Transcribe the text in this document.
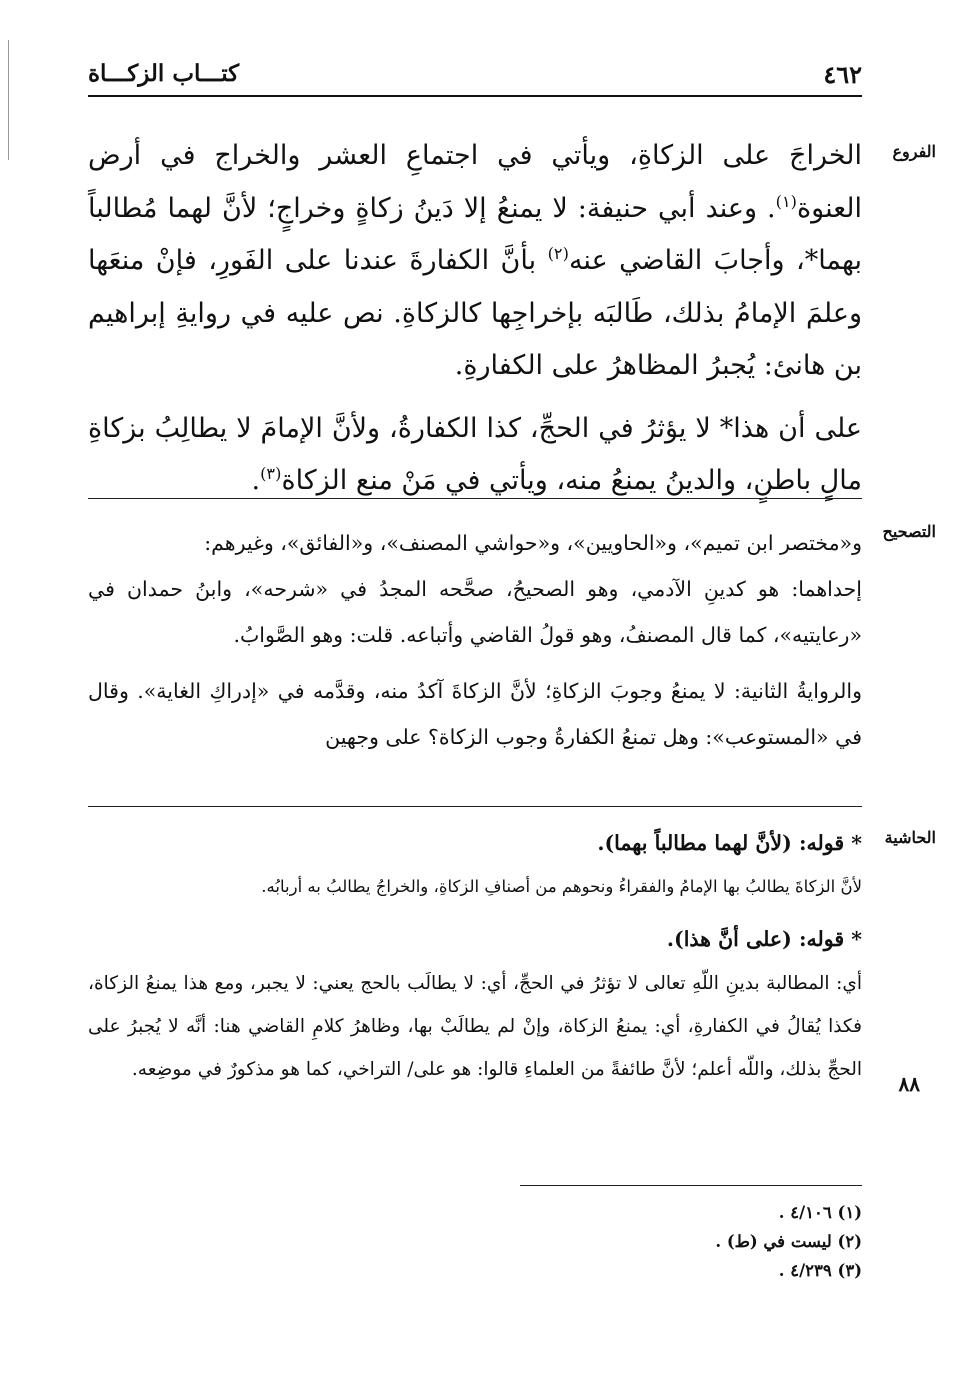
٤٦٢
كتـــاب الزكـــاة
الفروع

الخراجَ على الزكاةِ، ويأتي في اجتماعِ العشر والخراج في أرض العنوة$^{(١)}$. وعند أبي حنيفة: لا يمنعُ إلا دَينُ زكاةٍ وخراجٍ؛ لأنَّ لهما مُطالباً بهما*، وأجابَ القاضي عنه$^{(٢)}$ بأنَّ الكفارةَ عندنا على الفَورِ، فإنْ منعَها وعلمَ الإمامُ بذلك، طَالبَه بإخراجِها كالزكاةِ. نص عليه في روايةِ إبراهيم بن هانئ: يُجبرُ المظاهرُ على الكفارةِ.

على أن هذا* لا يؤثرُ في الحجِّ، كذا الكفارةُ، ولأنَّ الإمامَ لا يطالِبُ بزكاةِ مالٍ باطنٍ، والدينُ يمنعُ منه، ويأتي في مَنْ منع الزكاة$^{(٣)}$.

التصحيح

و«مختصر ابن تميم»، و«الحاويين»، و«حواشي المصنف»، و«الفائق»، وغيرهم:

إحداهما: هو كدينِ الآدمي، وهو الصحيحُ، صحَّحه المجدُ في «شرحه»، وابنُ حمدان في «رعايتيه»، كما قال المصنفُ، وهو قولُ القاضي وأتباعه. قلت: وهو الصَّوابُ.

والروايةُ الثانية: لا يمنعُ وجوبَ الزكاةِ؛ لأنَّ الزكاةَ آكدُ منه، وقدَّمه في «إدراكِ الغاية». وقال في «المستوعب»: وهل تمنعُ الكفارةُ وجوب الزكاة؟ على وجهين

الحاشية

* قوله: (لأنَّ لهما مطالباً بهما).

لأنَّ الزكاةَ يطالبُ بها الإمامُ والفقراءُ ونحوهم من أصنافِ الزكاةِ، والخراجُ يطالبُ به أربابُه.

* قوله: (على أنَّ هذا).

أي: المطالبة بدينِ اللّهِ تعالى لا تؤثرُ في الحجِّ، أي: لا يطالَب بالحج يعني: لا يجبر، ومع هذا يمنعُ الزكاة، فكذا يُقالُ في الكفارةِ، أي: يمنعُ الزكاة، وإنْ لم يطالَبْ بها، وظاهرُ كلامِ القاضي هنا: أنَّه لا يُجبرُ على الحجِّ بذلك، واللّه أعلم؛ لأنَّ طائفةً من العلماءِ قالوا: هو على/ التراخي، كما هو مذكورٌ في موضِعه.

٨٨
(١) ٤/١٠٦ .
(٢) ليست في (ط) .
(٣) ٤/٢٣٩ .
